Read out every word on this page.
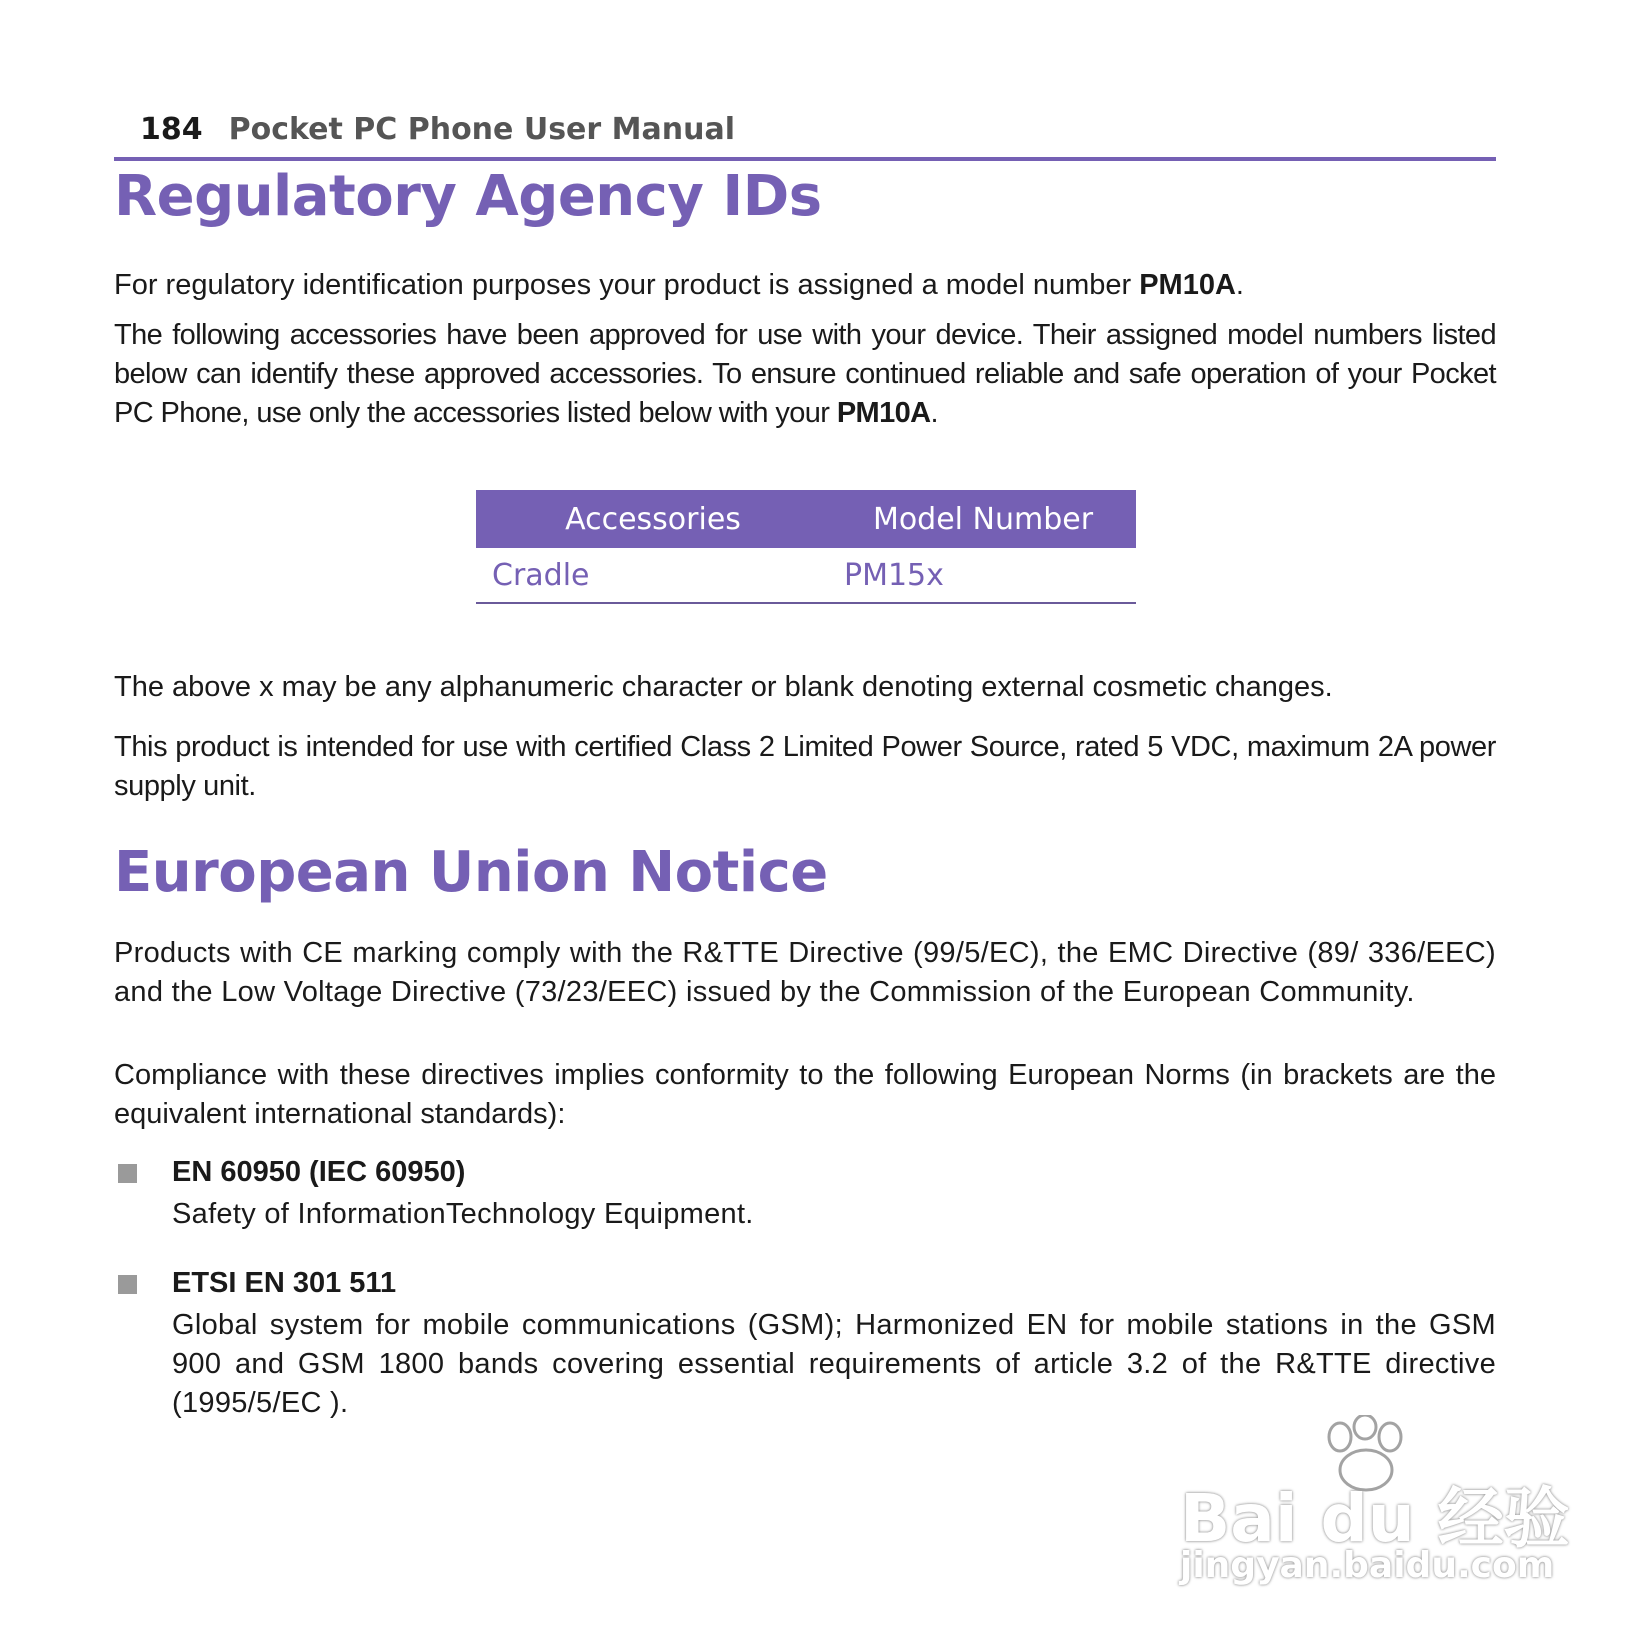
184 Pocket PC Phone User Manual
Regulatory Agency IDs
For regulatory identification purposes your product is assigned a model number PM10A.
The following accessories have been approved for use with your device. Their assigned model numbers listed below can identify these approved accessories. To ensure continued reliable and safe operation of your Pocket PC Phone, use only the accessories listed below with your PM10A.
Accessories	Model Number
Cradle	PM15x
The above x may be any alphanumeric character or blank denoting external cosmetic changes.
This product is intended for use with certified Class 2 Limited Power Source, rated 5 VDC, maximum 2A power supply unit.
European Union Notice
Products with CE marking comply with the R&TTE Directive (99/5/EC), the EMC Directive (89/ 336/EEC) and the Low Voltage Directive (73/23/EEC) issued by the Commission of the European Community.
Compliance with these directives implies conformity to the following European Norms (in brackets are the equivalent international standards):
EN 60950 (IEC 60950)
Safety of InformationTechnology Equipment.
ETSI EN 301 511
Global system for mobile communications (GSM); Harmonized EN for mobile stations in the GSM 900 and GSM 1800 bands covering essential requirements of article 3.2 of the R&TTE directive (1995/5/EC ).
Bai du 经验
jingyan.baidu.com
